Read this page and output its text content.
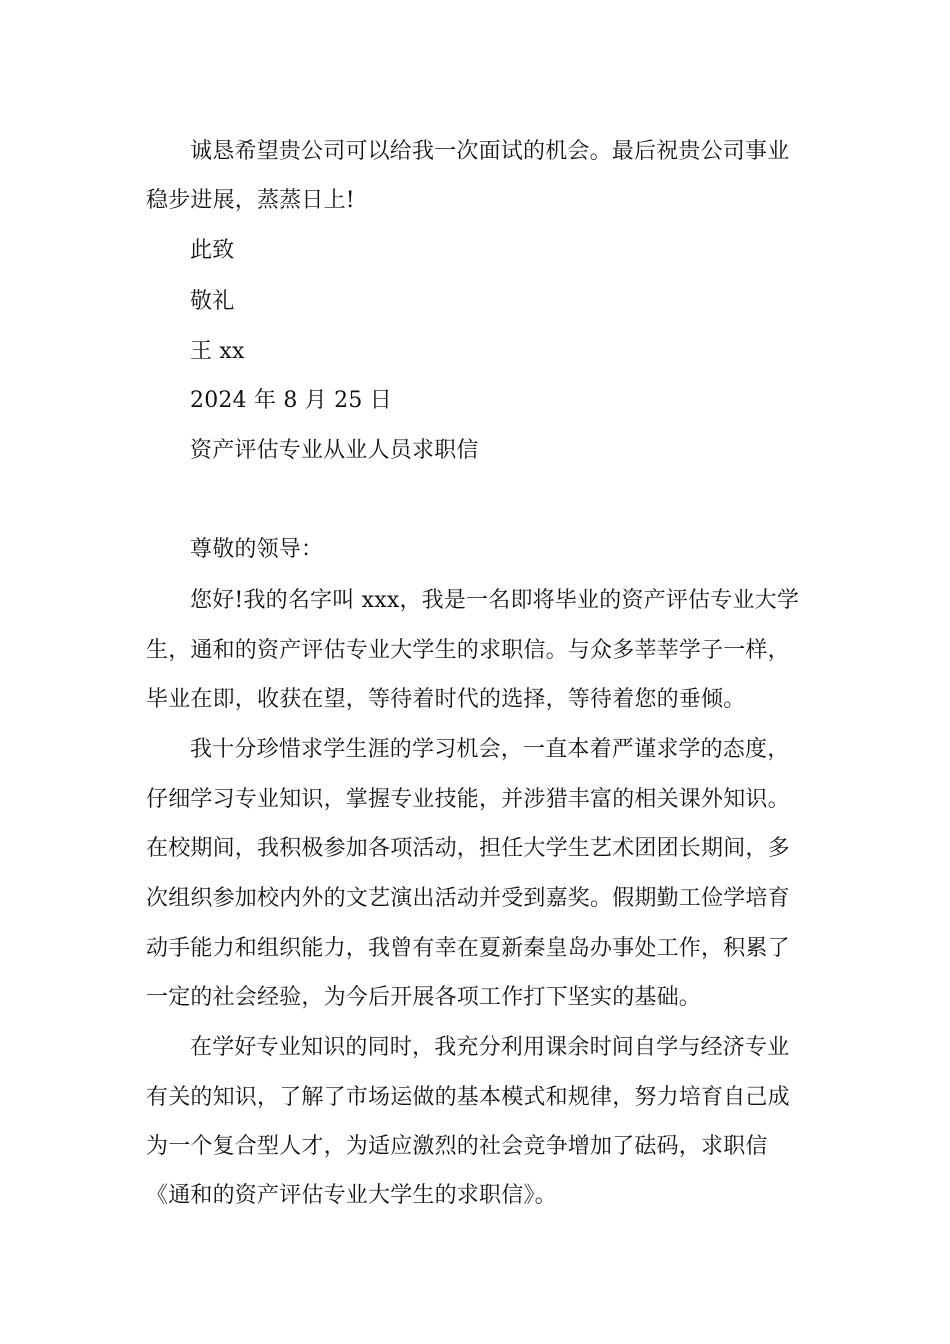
诚恳希望贵公司可以给我一次面试的机会。最后祝贵公司事业
稳步进展，蒸蒸日上!
此致
敬礼
王 xx
2024 年 8 月 25 日
资产评估专业从业人员求职信
尊敬的领导：
您好!我的名字叫 xxx，我是一名即将毕业的资产评估专业大学
生，通和的资产评估专业大学生的求职信。与众多莘莘学子一样，
毕业在即，收获在望，等待着时代的选择，等待着您的垂倾。
我十分珍惜求学生涯的学习机会，一直本着严谨求学的态度，
仔细学习专业知识，掌握专业技能，并涉猎丰富的相关课外知识。
在校期间，我积极参加各项活动，担任大学生艺术团团长期间，多
次组织参加校内外的文艺演出活动并受到嘉奖。假期勤工俭学培育
动手能力和组织能力，我曾有幸在夏新秦皇岛办事处工作，积累了
一定的社会经验，为今后开展各项工作打下坚实的基础。
在学好专业知识的同时，我充分利用课余时间自学与经济专业
有关的知识，了解了市场运做的基本模式和规律，努力培育自己成
为一个复合型人才，为适应激烈的社会竞争增加了砝码，求职信
《通和的资产评估专业大学生的求职信》。
